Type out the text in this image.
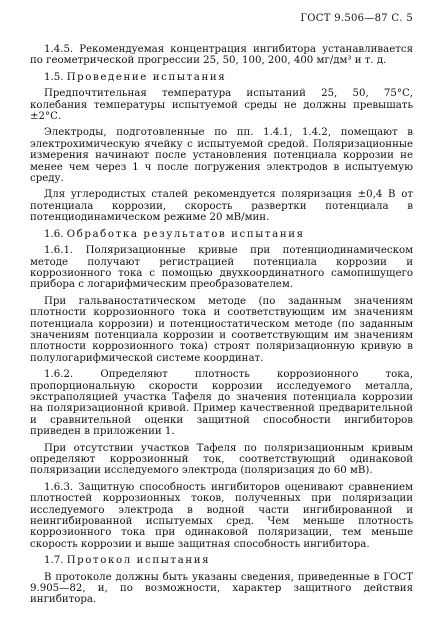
ГОСТ 9.506—87 С. 5

1.4.5. Рекомендуемая концентрация ингибитора устанавливается по геометрической прогрессии 25, 50, 100, 200, 400 мг/дм³ и т. д.

1.5. Проведение испытания

Предпочтительная температура испытаний 25, 50, 75°С, колебания температуры испытуемой среды не должны превышать ±2°С.

Электроды, подготовленные по пп. 1.4.1, 1.4.2, помещают в электрохимическую ячейку с испытуемой средой. Поляризационные измерения начинают после установления потенциала коррозии не менее чем через 1 ч после погружения электродов в испытуемую среду.

Для углеродистых сталей рекомендуется поляризация ±0,4 В от потенциала коррозии, скорость развертки потенциала в потенциодинамическом режиме 20 мВ/мин.

1.6. Обработка результатов испытания

1.6.1. Поляризационные кривые при потенциодинамическом методе получают регистрацией потенциала коррозии и коррозионного тока с помощью двухкоординатного самопишущего прибора с логарифмическим преобразователем.

При гальваностатическом методе (по заданным значениям плотности коррозионного тока и соответствующим им значениям потенциала коррозии) и потенциостатическом методе (по заданным значениям потенциала коррозии и соответствующим им значениям плотности коррозионного тока) строят поляризационную кривую в полулогарифмической системе координат.

1.6.2. Определяют плотность коррозионного тока, пропорциональную скорости коррозии исследуемого металла, экстраполяцией участка Тафеля до значения потенциала коррозии на поляризационной кривой. Пример качественной предварительной и сравнительной оценки защитной способности ингибиторов приведен в приложении 1.

При отсутствии участков Тафеля по поляризационным кривым определяют коррозионный ток, соответствующий одинаковой поляризации исследуемого электрода (поляризация до 60 мВ).

1.6.3. Защитную способность ингибиторов оценивают сравнением плотностей коррозионных токов, полученных при поляризации исследуемого электрода в водной части ингибированной и неингибированной испытуемых сред. Чем меньше плотность коррозионного тока при одинаковой поляризации, тем меньше скорость коррозии и выше защитная способность ингибитора.

1.7. Протокол испытания

В протоколе должны быть указаны сведения, приведенные в ГОСТ 9.905—82, и, по возможности, характер защитного действия ингибитора.
